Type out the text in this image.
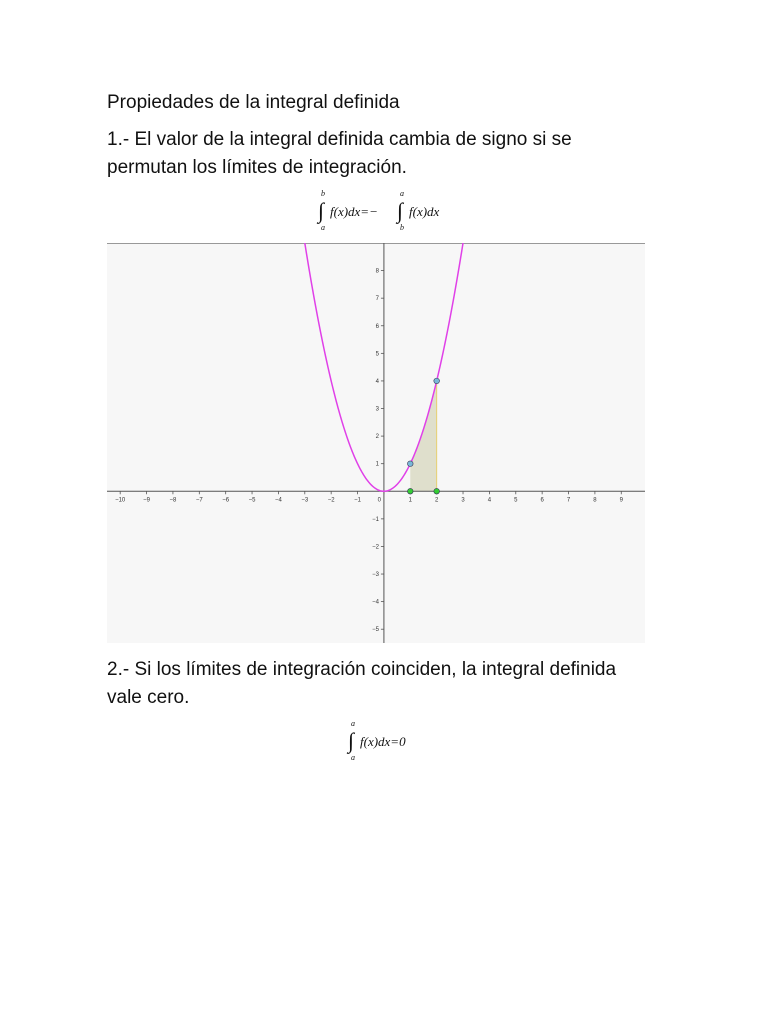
Propiedades de la integral definida

1.- El valor de la integral definida cambia de signo si se

permutan los límites de integración.

b
∫
a
f(x)dx=−
a
∫
b
f(x)dx
−10	−9	−8	−7	−6	−5	−4	−3	−2	−1	0	1	2	3	4	5	6	7	8	9
−5
−4
−3
−2
−1
1
2
3
4
5
6
7
8

2.- Si los límites de integración coinciden, la integral definida

vale cero.

a
∫
a
f(x)dx=0
